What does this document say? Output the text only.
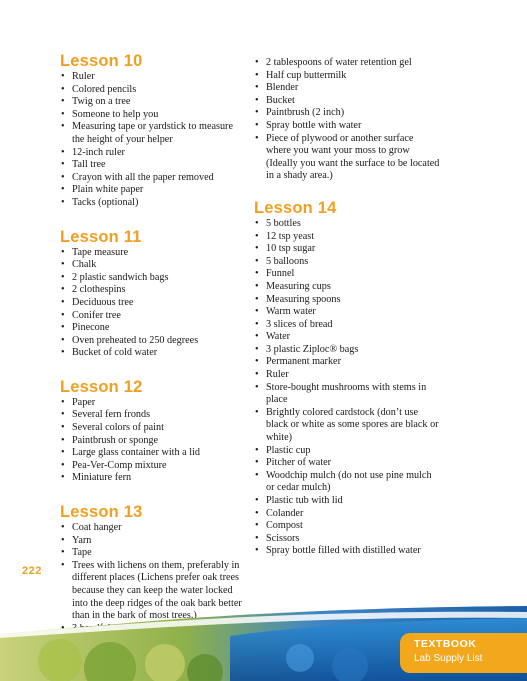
Lesson 10
• Ruler
• Colored pencils
• Twig on a tree
• Someone to help you
• Measuring tape or yardstick to measure the height of your helper
• 12-inch ruler
• Tall tree
• Crayon with all the paper removed
• Plain white paper
• Tacks (optional)
Lesson 11
• Tape measure
• Chalk
• 2 plastic sandwich bags
• 2 clothespins
• Deciduous tree
• Conifer tree
• Pinecone
• Oven preheated to 250 degrees
• Bucket of cold water
Lesson 12
• Paper
• Several fern fronds
• Several colors of paint
• Paintbrush or sponge
• Large glass container with a lid
• Pea-Ver-Comp mixture
• Miniature fern
Lesson 13
• Coat hanger
• Yarn
• Tape
• Trees with lichens on them, preferably in different places (Lichens prefer oak trees because they can keep the water locked into the deep ridges of the oak bark better than in the bark of most trees.)
•
• 2 tablespoons of water retention gel
• Half cup buttermilk
• Blender
• Bucket
• Paintbrush (2 inch)
• Spray bottle with water
• Piece of plywood or another surface where you want your moss to grow (Ideally you want the surface to be located in a shady area.)
Lesson 14
• 5 bottles
• 12 tsp yeast
• 10 tsp sugar
• 5 balloons
• Funnel
• Measuring cups
• Measuring spoons
• Warm water
• 3 slices of bread
• Water
• 3 plastic Ziploc® bags
• Permanent marker
• Ruler
• Store-bought mushrooms with stems in place
• Brightly colored cardstock (don’t use black or white as some spores are black or white)
• Plastic cup
• Pitcher of water
• Woodchip mulch (do not use pine mulch or cedar mulch)
• Plastic tub with lid
• Colander
• Compost
• Scissors
• Spray bottle filled with distilled water

222

TEXTBOOK
Lab Supply List
